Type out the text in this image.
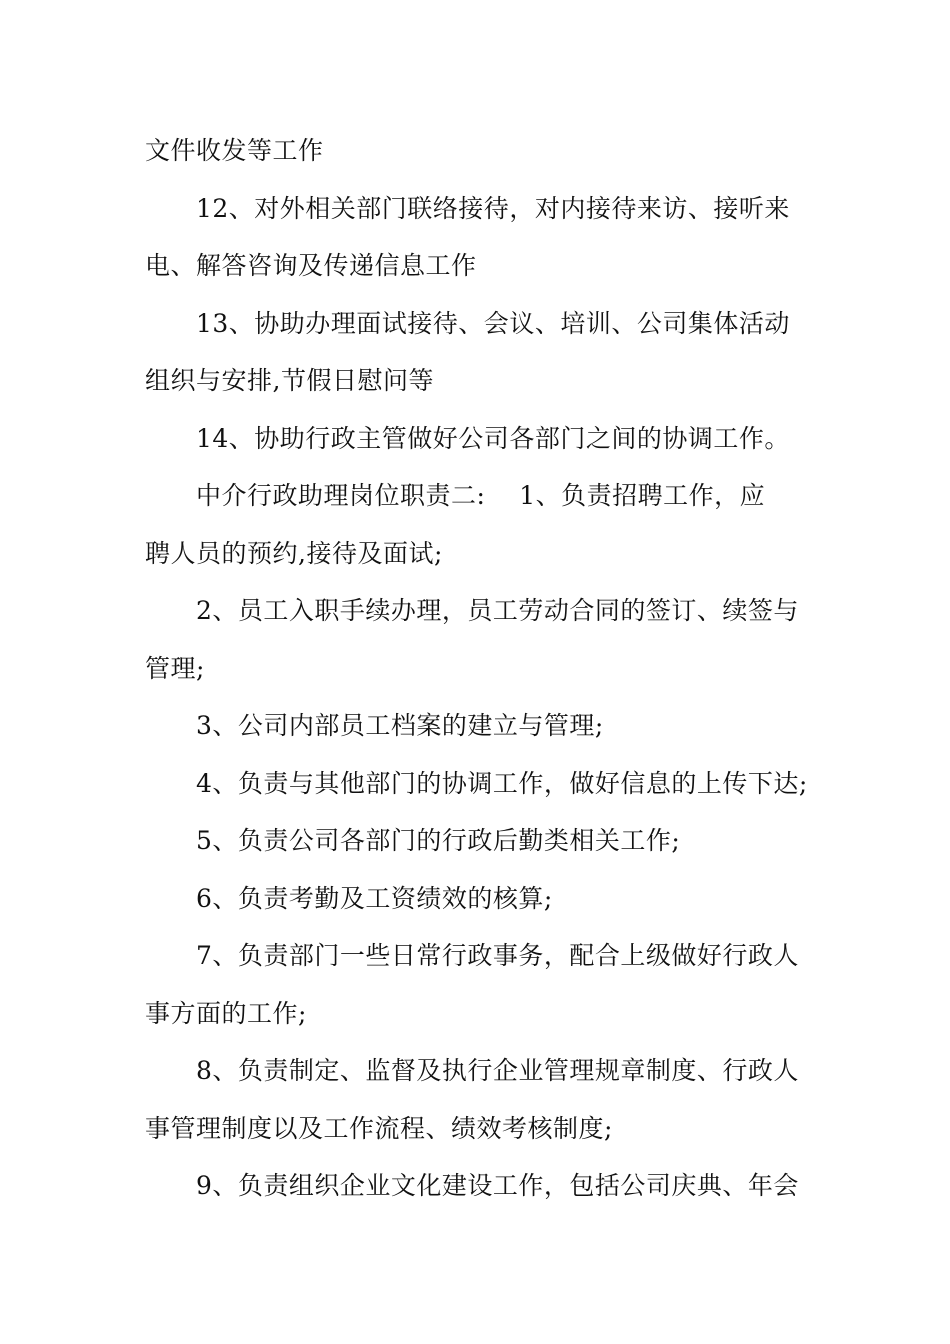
文件收发等工作
12、对外相关部门联络接待，对内接待来访、接听来
电、解答咨询及传递信息工作
13、协助办理面试接待、会议、培训、公司集体活动
组织与安排,节假日慰问等
14、协助行政主管做好公司各部门之间的协调工作。
中介行政助理岗位职责二:    1、负责招聘工作，应
聘人员的预约,接待及面试;
2、员工入职手续办理，员工劳动合同的签订、续签与
管理;
3、公司内部员工档案的建立与管理;
4、负责与其他部门的协调工作，做好信息的上传下达;
5、负责公司各部门的行政后勤类相关工作;
6、负责考勤及工资绩效的核算;
7、负责部门一些日常行政事务，配合上级做好行政人
事方面的工作;
8、负责制定、监督及执行企业管理规章制度、行政人
事管理制度以及工作流程、绩效考核制度;
9、负责组织企业文化建设工作，包括公司庆典、年会
